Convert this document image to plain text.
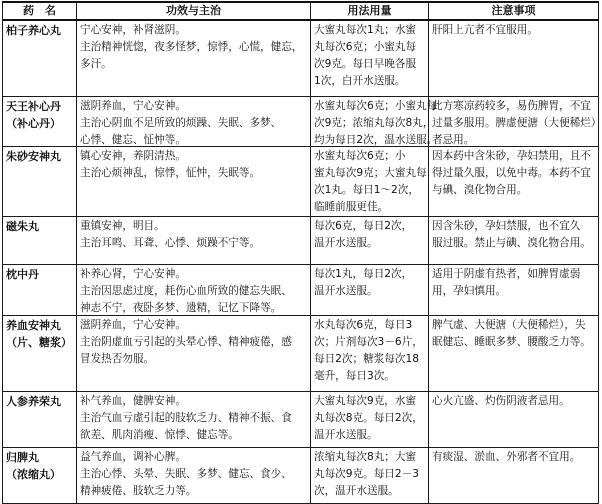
药　名	功效与主治	用法用量	注意事项

柏子养心丸	宁心安神，补肾滋阴。
主治精神恍惚，夜多怪梦，惊悸，心慌，健忘，
多汗。	大蜜丸每次1丸；水蜜
丸每次6克；小蜜丸每
次9克。每日早晚各服
1次，白开水送服。	肝阳上亢者不宜服用。

天王补心丹
（补心丹）	滋阴养血，宁心安神。
主治心阴血不足所致的烦躁、失眠、多梦、
心悸、健忘、怔忡等。	水蜜丸每次6克；小蜜丸每
次9克；浓缩丸每次8丸，
均为每日2次，温水送服。	此方寒凉药较多，易伤脾胃，不宜
过量多服用。脾虚便溏（大便稀烂）
者忌用。

朱砂安神丸	镇心安神，养阴清热。
主治心烦神乱，惊悸，怔忡，失眠等。	水蜜丸每次6克；小
蜜丸每次9克；大蜜丸每
次1丸。每日1～2次，
临睡前服更佳。	因本药中含朱砂，孕妇禁用，且不
得过量久服，以免中毒。本药不宜
与碘、溴化物合用。

磁朱丸	重镇安神，明目。
主治耳鸣、耳聋、心悸、烦躁不宁等。	每次6克，每日2次，
温开水送服。	因含朱砂，孕妇禁服，也不宜久
服过服。禁止与碘、溴化物合用。

枕中丹	补养心肾，宁心安神。
主治因思虑过度，耗伤心血所致的健忘失眠、
神志不宁，夜卧多梦、遗精，记忆下降等。	每次1丸，每日2次，
温开水送服。	适用于阴虚有热者，如脾胃虚弱
用，孕妇慎用。

养血安神丸
（片、糖浆）	滋阴养血，宁心安神。
主治阴虚血亏引起的头晕心悸、精神疲倦，感
冒发热否勿服。	水丸每次6克，每日3
次；片剂每次3－6片，
每日2次；糖浆每次18
毫升，每日3次。	脾气虚、大便溏（大便稀烂），失
眠健忘、睡眠多梦、腰酸乏力等。

人参养荣丸	补气养血，健脾安神。
主治气血亏虚引起的肢软乏力、精神不振、食
欲差、肌肉消瘦、惊悸、健忘等。	大蜜丸每次9克，水蜜
丸每次8克。每日2次，
温开水送服。	心火亢盛、灼伤阴液者忌用。

归脾丸
（浓缩丸）	益气养血，调补心脾。
主治心悸、头晕、失眠、多梦、健忘、食少、
精神疲倦、肢软乏力等。	浓缩丸每次8丸；大蜜
丸每次9克。每日2－3
次，温开水送服。	有痰湿、淤血、外邪者不宜用。
